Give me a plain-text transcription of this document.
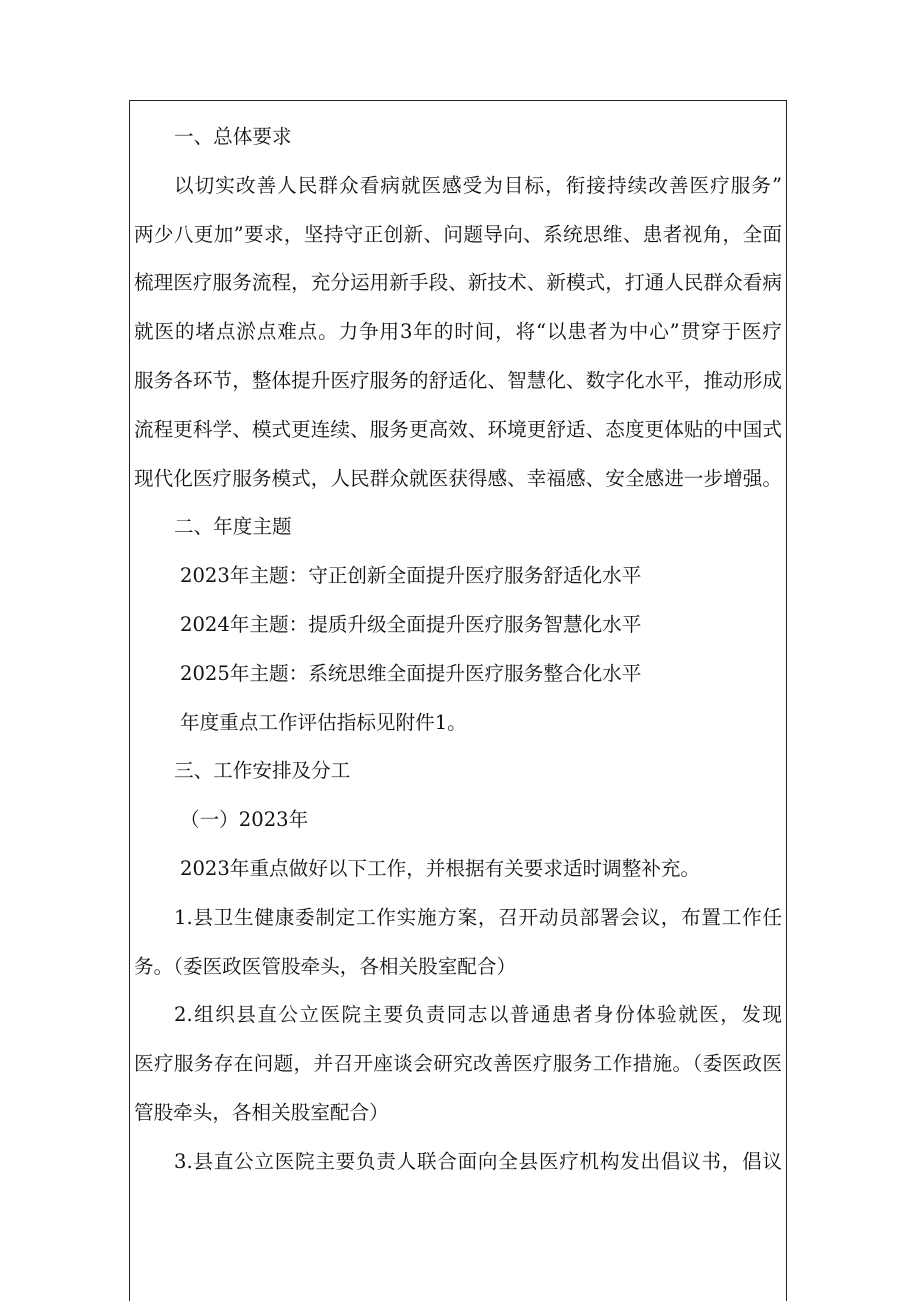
一、总体要求
以切实改善人民群众看病就医感受为目标，衔接持续改善医疗服务”
两少八更加”要求，坚持守正创新、问题导向、系统思维、患者视角，全面
梳理医疗服务流程，充分运用新手段、新技术、新模式，打通人民群众看病
就医的堵点淤点难点。力争用3年的时间，将“以患者为中心”贯穿于医疗
服务各环节，整体提升医疗服务的舒适化、智慧化、数字化水平，推动形成
流程更科学、模式更连续、服务更高效、环境更舒适、态度更体贴的中国式
现代化医疗服务模式，人民群众就医获得感、幸福感、安全感进一步增强。
二、年度主题
2023年主题：守正创新全面提升医疗服务舒适化水平
2024年主题：提质升级全面提升医疗服务智慧化水平
2025年主题：系统思维全面提升医疗服务整合化水平
年度重点工作评估指标见附件1。
三、工作安排及分工
（一）2023年
2023年重点做好以下工作，并根据有关要求适时调整补充。
1.县卫生健康委制定工作实施方案，召开动员部署会议，布置工作任
务。（委医政医管股牵头，各相关股室配合）
2.组织县直公立医院主要负责同志以普通患者身份体验就医，发现
医疗服务存在问题，并召开座谈会研究改善医疗服务工作措施。（委医政医
管股牵头，各相关股室配合）
3.县直公立医院主要负责人联合面向全县医疗机构发出倡议书，倡议
